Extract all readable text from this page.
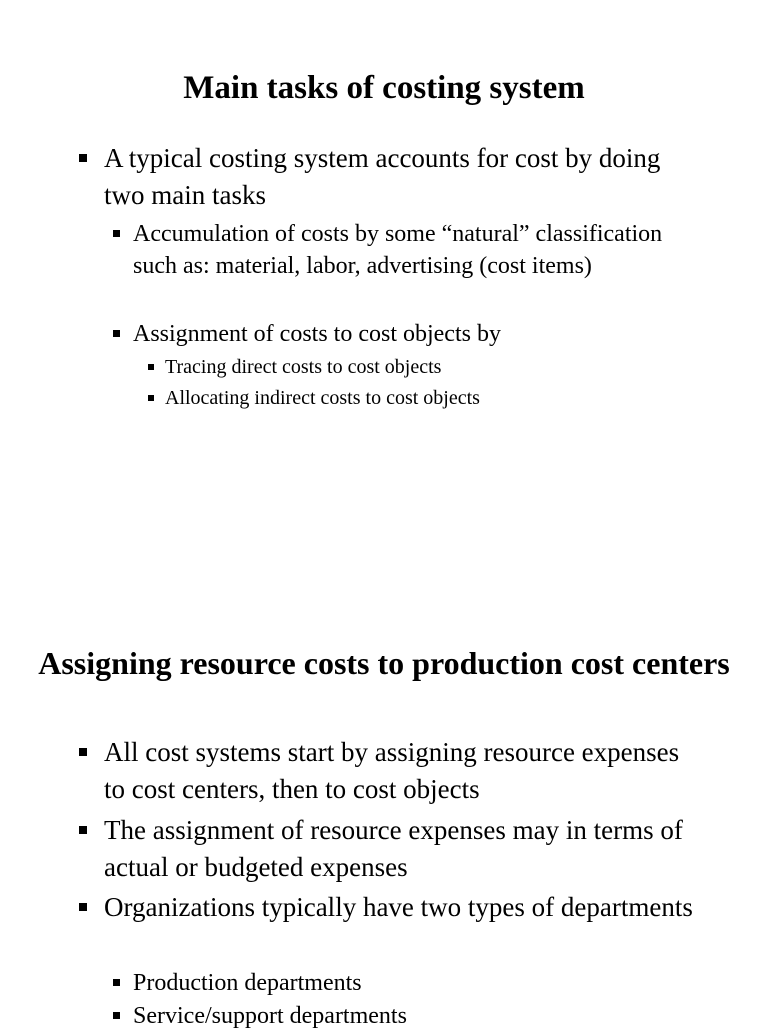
Main tasks of costing system

A typical costing system accounts for cost by doing two main tasks

Accumulation of costs by some “natural” classification such as: material, labor, advertising (cost items)

Assignment of costs to cost objects by

Tracing direct costs to cost objects

Allocating indirect costs to cost objects

Assigning resource costs to production cost centers

All cost systems start by assigning resource expenses to cost centers, then to cost objects

The assignment of resource expenses may in terms of actual or budgeted expenses

Organizations typically have two types of departments

Production departments

Service/support departments
